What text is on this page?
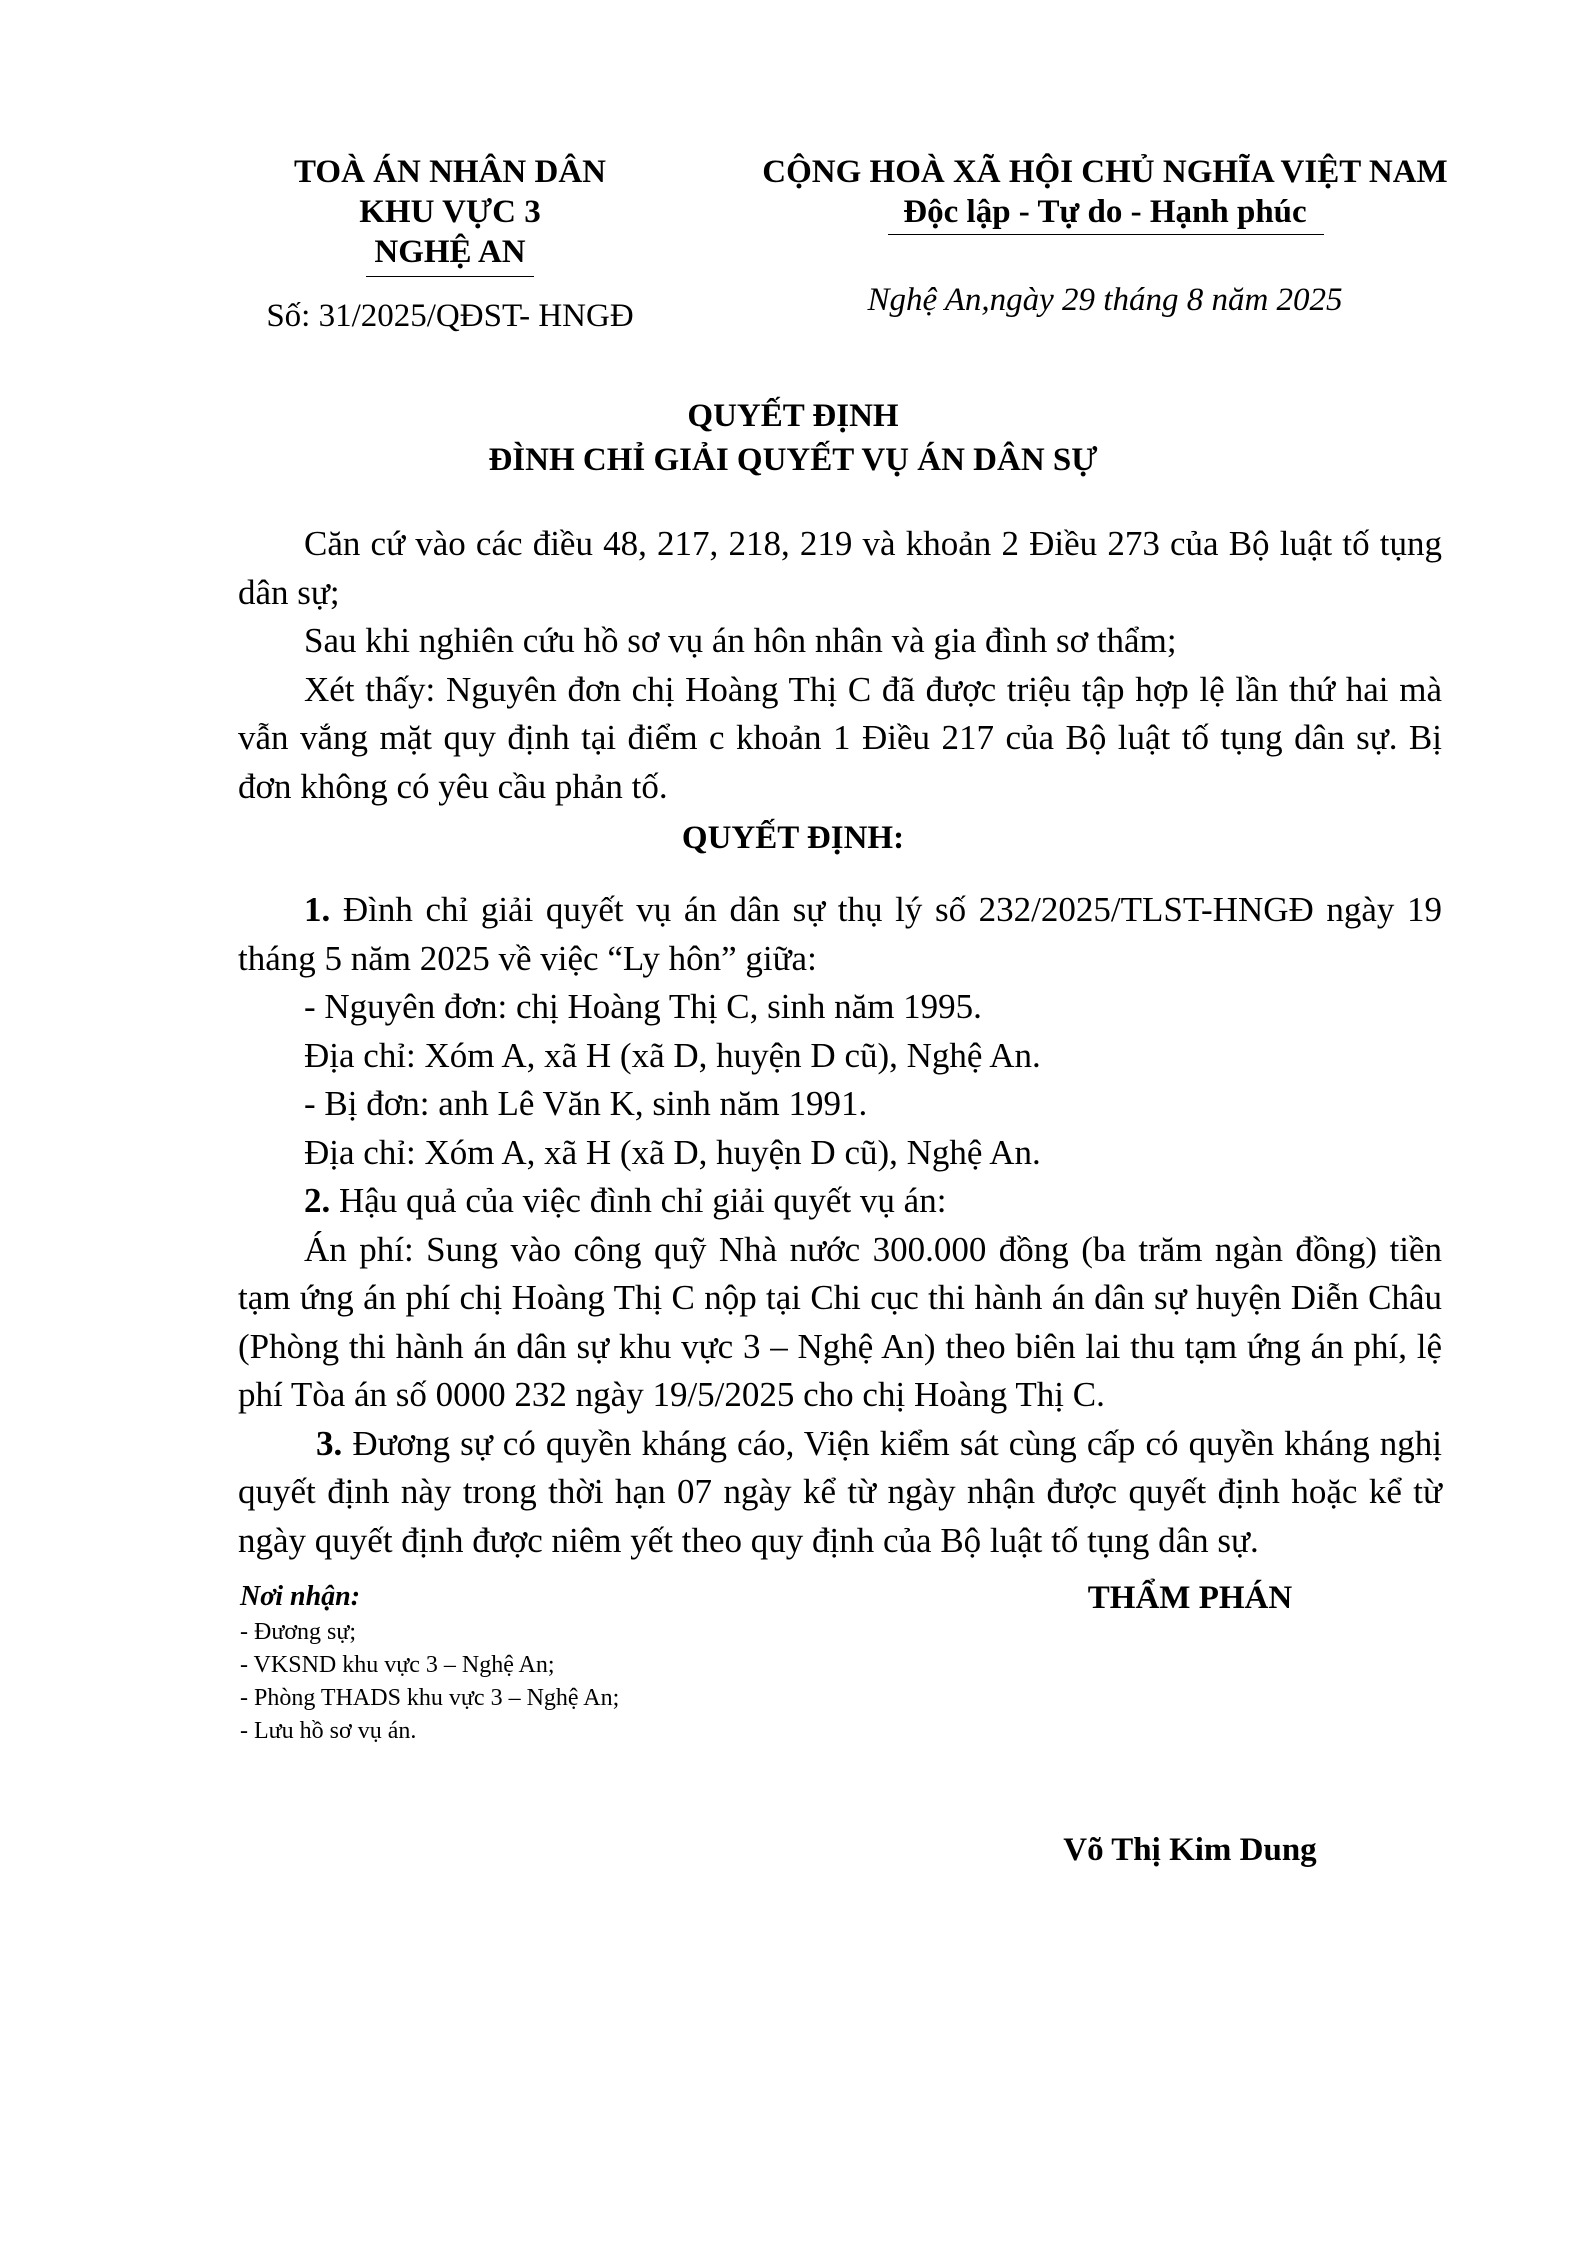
TOÀ ÁN NHÂN DÂN
KHU VỰC 3
NGHỆ AN
Số: 31/2025/QĐST- HNGĐ
CỘNG HOÀ XÃ HỘI CHỦ NGHĨA VIỆT NAM
Độc lập - Tự do - Hạnh phúc
Nghệ An,ngày 29 tháng 8 năm 2025
QUYẾT ĐỊNH
ĐÌNH CHỈ GIẢI QUYẾT VỤ ÁN DÂN SỰ

Căn cứ vào các điều 48, 217, 218, 219 và khoản 2 Điều 273 của Bộ luật tố tụng dân sự;

Sau khi nghiên cứu hồ sơ vụ án hôn nhân và gia đình sơ thẩm;

Xét thấy: Nguyên đơn chị Hoàng Thị C đã được triệu tập hợp lệ lần thứ hai mà vẫn vắng mặt quy định tại điểm c khoản 1 Điều 217 của Bộ luật tố tụng dân sự. Bị đơn không có yêu cầu phản tố.

QUYẾT ĐỊNH:

1. Đình chỉ giải quyết vụ án dân sự thụ lý số 232/2025/TLST-HNGĐ ngày 19 tháng 5 năm 2025 về việc “Ly hôn” giữa:

- Nguyên đơn: chị Hoàng Thị C, sinh năm 1995.

Địa chỉ: Xóm A, xã H (xã D, huyện D cũ), Nghệ An.

- Bị đơn: anh Lê Văn K, sinh năm 1991.

Địa chỉ: Xóm A, xã H (xã D, huyện D cũ), Nghệ An.

2. Hậu quả của việc đình chỉ giải quyết vụ án:

Án phí: Sung vào công quỹ Nhà nước 300.000 đồng (ba trăm ngàn đồng) tiền tạm ứng án phí chị Hoàng Thị C nộp tại Chi cục thi hành án dân sự huyện Diễn Châu (Phòng thi hành án dân sự khu vực 3 – Nghệ An) theo biên lai thu tạm ứng án phí, lệ phí Tòa án số 0000 232 ngày 19/5/2025 cho chị Hoàng Thị C.

3. Đương sự có quyền kháng cáo, Viện kiểm sát cùng cấp có quyền kháng nghị quyết định này trong thời hạn 07 ngày kể từ ngày nhận được quyết định hoặc kể từ ngày quyết định được niêm yết theo quy định của Bộ luật tố tụng dân sự.

Nơi nhận:
- Đương sự;
- VKSND khu vực 3 – Nghệ An;
- Phòng THADS khu vực 3 – Nghệ An;
- Lưu hồ sơ vụ án.
THẨM PHÁN
Võ Thị Kim Dung
